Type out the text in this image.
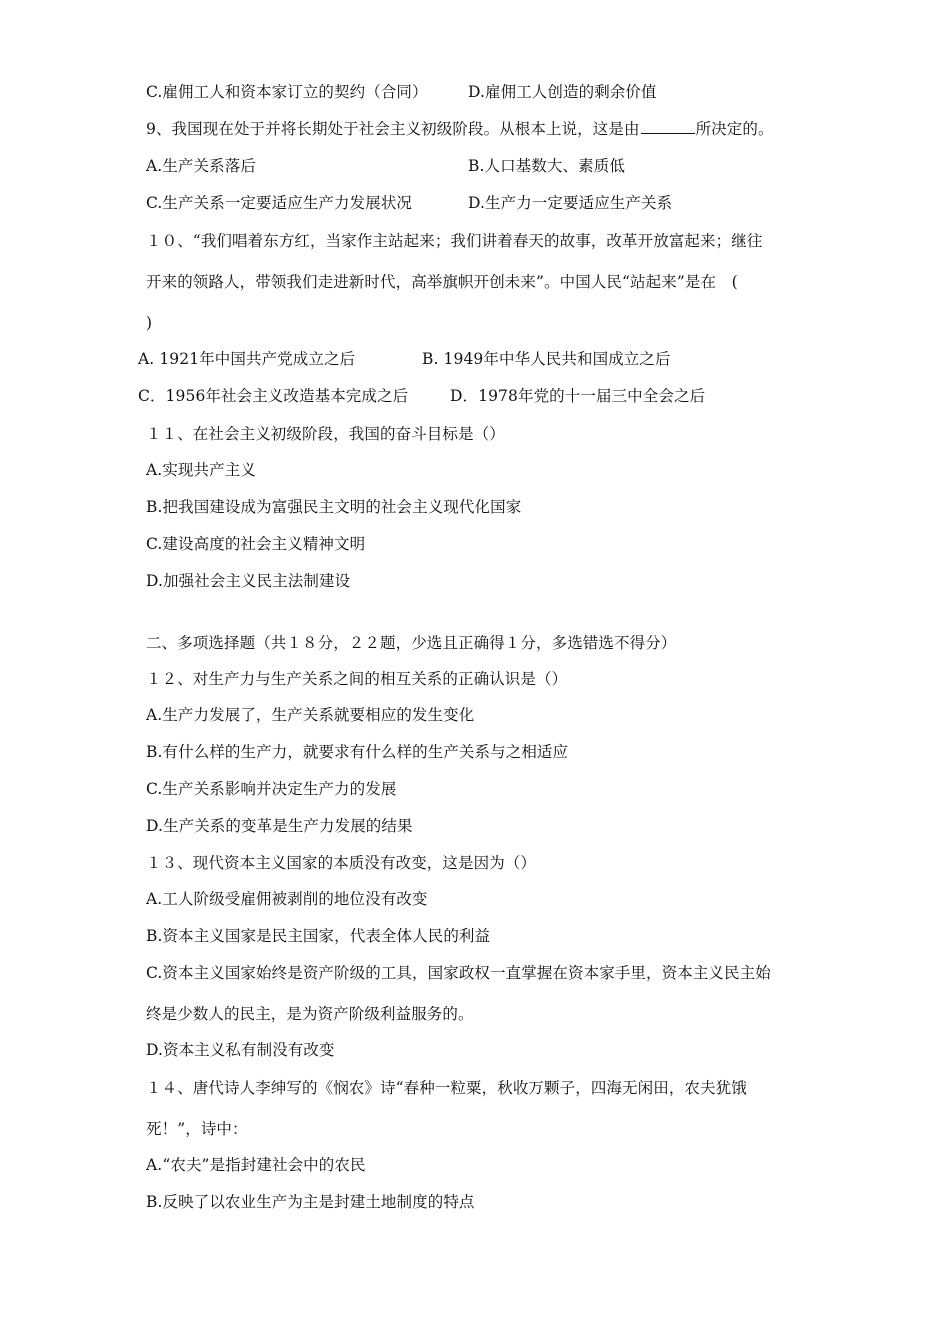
C.雇佣工人和资本家订立的契约（合同）	D.雇佣工人创造的剩余价值
9、我国现在处于并将长期处于社会主义初级阶段。从根本上说，这是由	所决定的。
A.生产关系落后	B.人口基数大、素质低
C.生产关系一定要适应生产力发展状况	D.生产力一定要适应生产关系
１０、“我们唱着东方红，当家作主站起来；我们讲着春天的故事，改革开放富起来；继往
开来的领路人，带领我们走进新时代，高举旗帜开创未来”。中国人民“站起来”是在　(
)
A. 1921年中国共产党成立之后	B. 1949年中华人民共和国成立之后
C．1956年社会主义改造基本完成之后	D．1978年党的十一届三中全会之后
１１、在社会主义初级阶段，我国的奋斗目标是（）
A.实现共产主义
B.把我国建设成为富强民主文明的社会主义现代化国家
C.建设高度的社会主义精神文明
D.加强社会主义民主法制建设
二、多项选择题（共１８分，２２题，少选且正确得１分，多选错选不得分）
１２、对生产力与生产关系之间的相互关系的正确认识是（）
A.生产力发展了，生产关系就要相应的发生变化
B.有什么样的生产力，就要求有什么样的生产关系与之相适应
C.生产关系影响并决定生产力的发展
D.生产关系的变革是生产力发展的结果
１３、现代资本主义国家的本质没有改变，这是因为（）
A.工人阶级受雇佣被剥削的地位没有改变
B.资本主义国家是民主国家，代表全体人民的利益
C.资本主义国家始终是资产阶级的工具，国家政权一直掌握在资本家手里，资本主义民主始
终是少数人的民主，是为资产阶级利益服务的。
D.资本主义私有制没有改变
１４、唐代诗人李绅写的《悯农》诗“春种一粒粟，秋收万颗子，四海无闲田，农夫犹饿
死！”，诗中：
A.“农夫”是指封建社会中的农民
B.反映了以农业生产为主是封建土地制度的特点
